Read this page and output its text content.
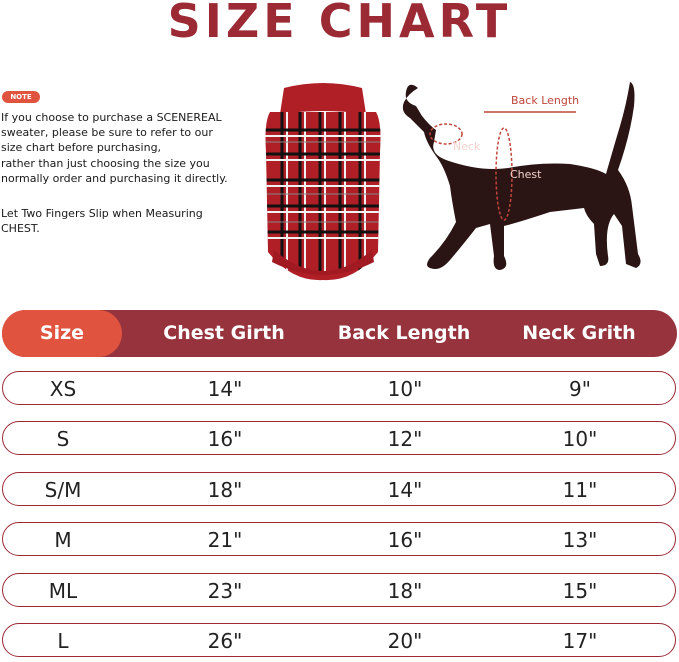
SIZE CHART
NOTE
If you choose to purchase a SCENEREAL
sweater, please be sure to refer to our
size chart before purchasing,
rather than just choosing the size you
normally order and purchasing it directly.
Let Two Fingers Slip when Measuring
CHEST.
Back Length
Neck
Chest
Size	Chest Girth	Back Length	Neck Grith
XS	14"	10"	9"
S	16"	12"	10"
S/M	18"	14"	11"
M	21"	16"	13"
ML	23"	18"	15"
L	26"	20"	17"
